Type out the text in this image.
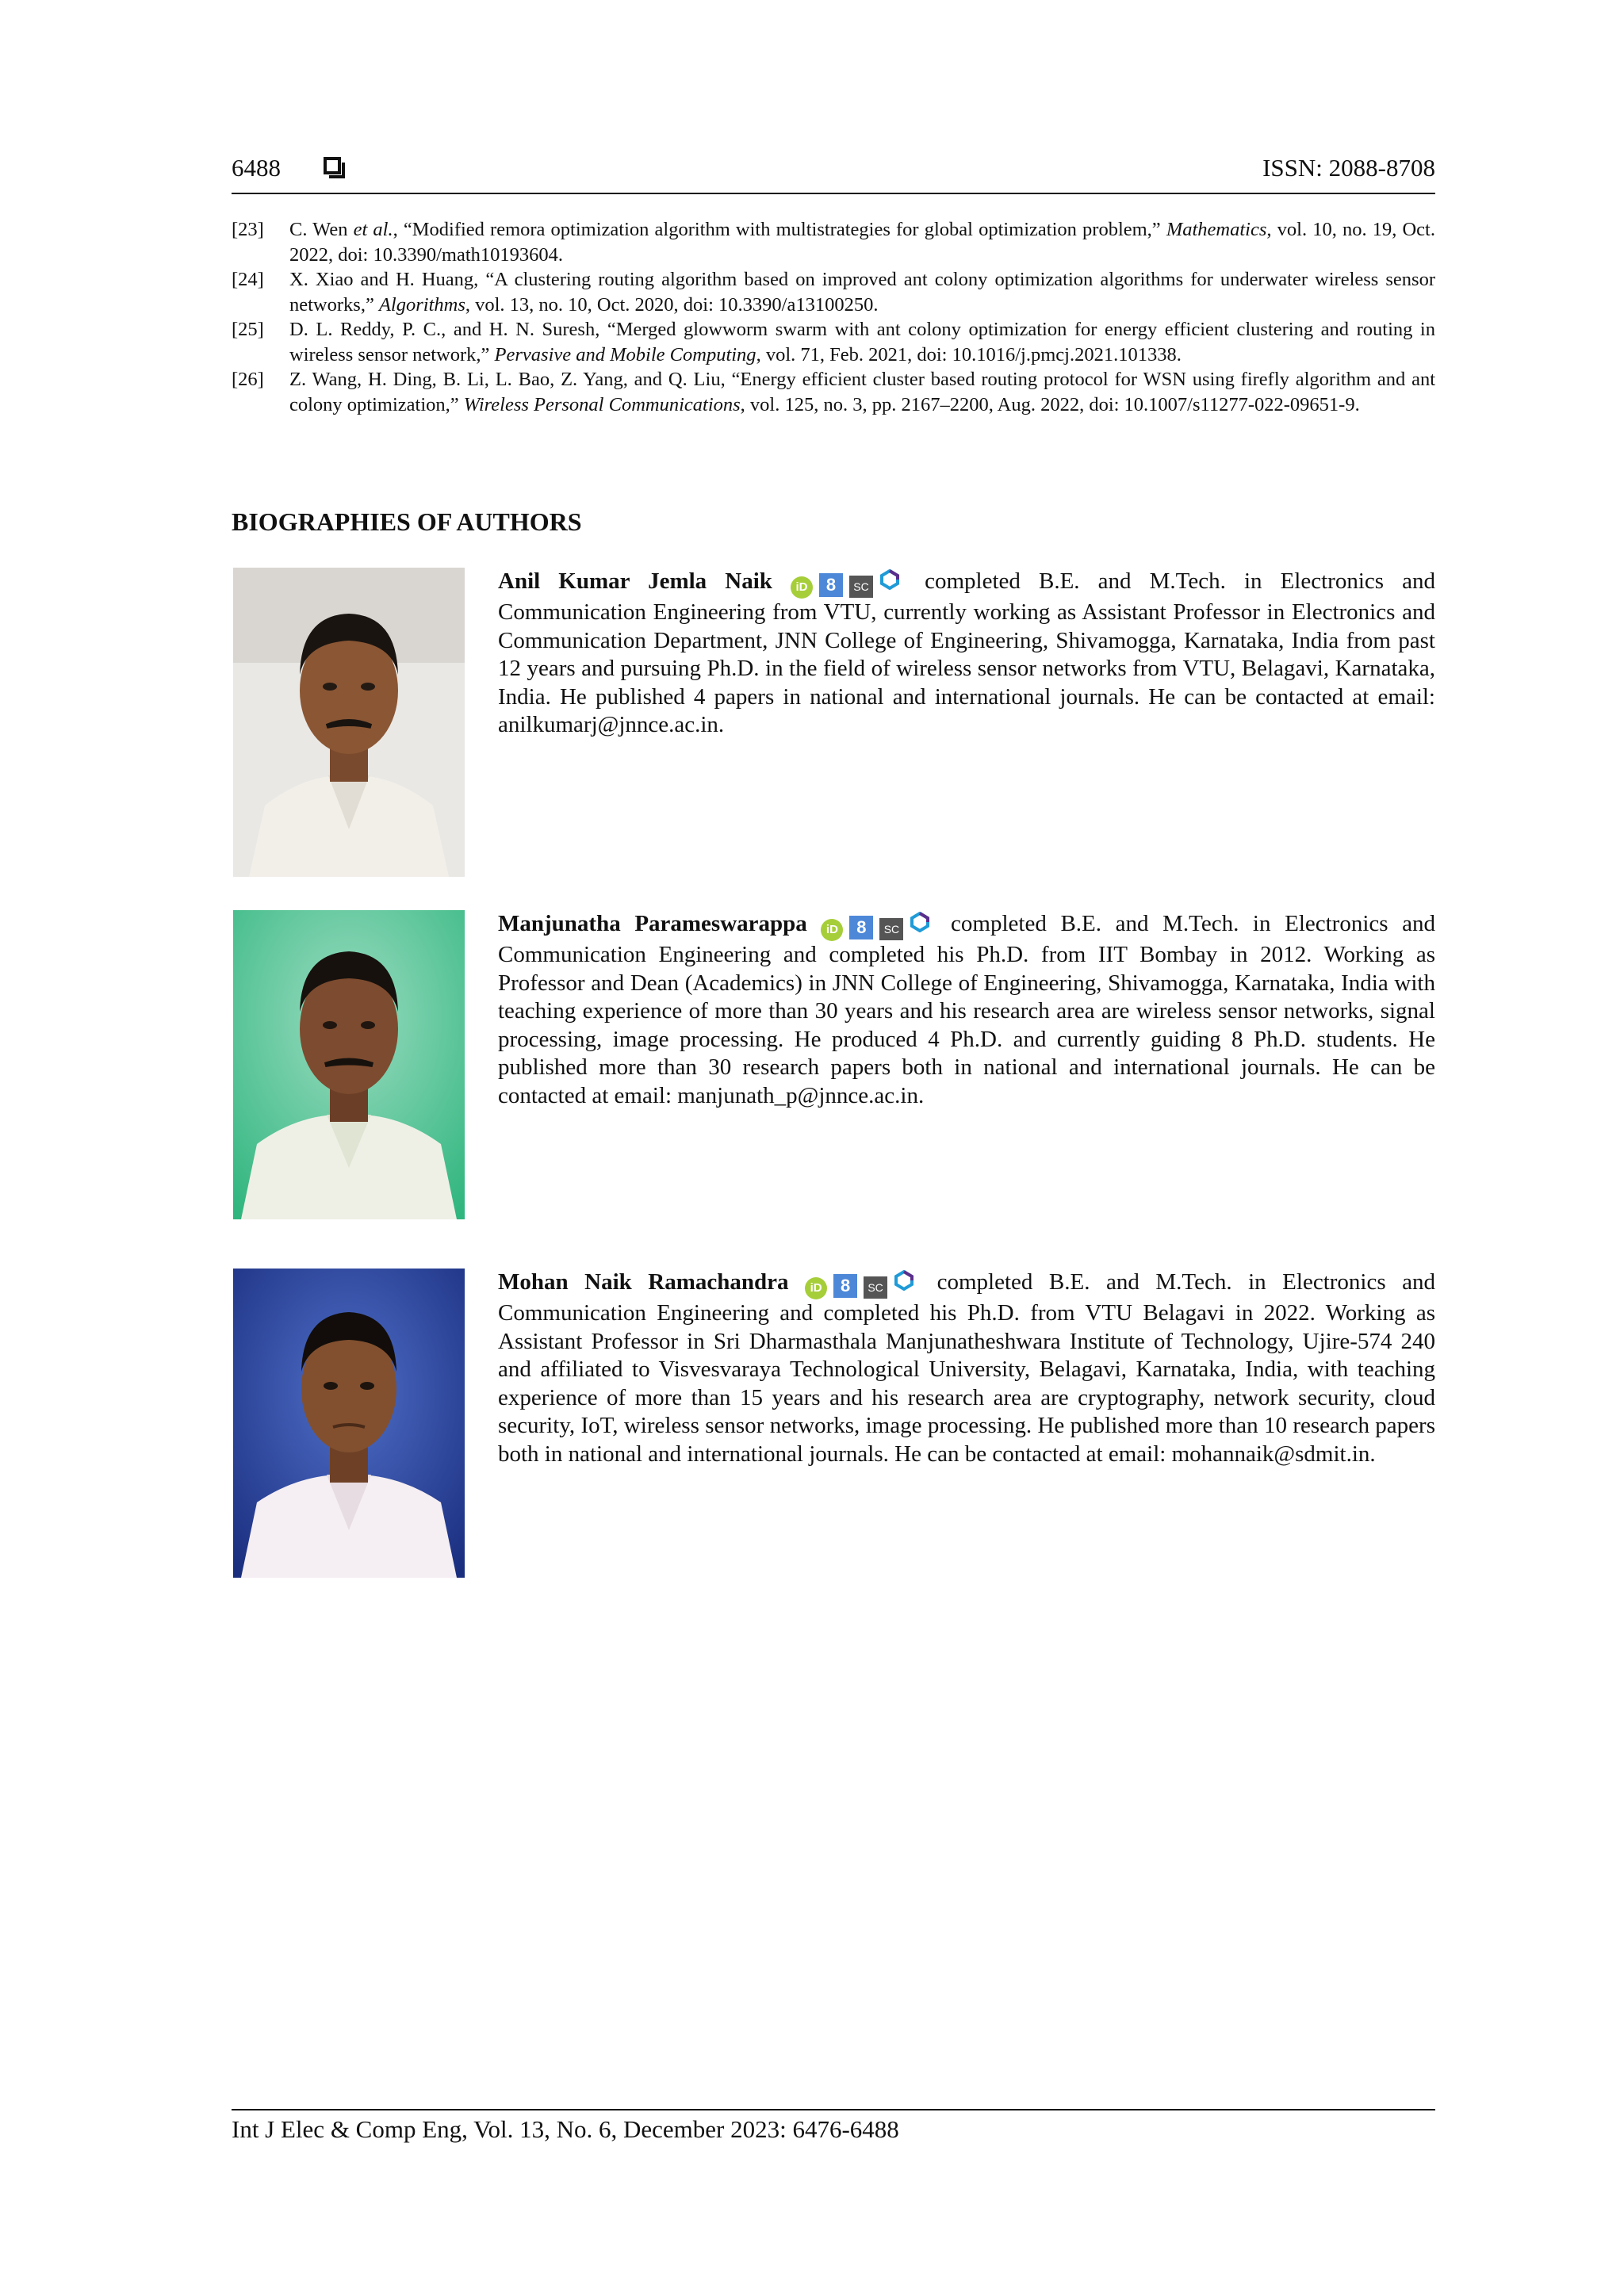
6488	ISSN: 2088-8708
[23] C. Wen et al., “Modified remora optimization algorithm with multistrategies for global optimization problem,” Mathematics, vol. 10, no. 19, Oct. 2022, doi: 10.3390/math10193604.
[24] X. Xiao and H. Huang, “A clustering routing algorithm based on improved ant colony optimization algorithms for underwater wireless sensor networks,” Algorithms, vol. 13, no. 10, Oct. 2020, doi: 10.3390/a13100250.
[25] D. L. Reddy, P. C., and H. N. Suresh, “Merged glowworm swarm with ant colony optimization for energy efficient clustering and routing in wireless sensor network,” Pervasive and Mobile Computing, vol. 71, Feb. 2021, doi: 10.1016/j.pmcj.2021.101338.
[26] Z. Wang, H. Ding, B. Li, L. Bao, Z. Yang, and Q. Liu, “Energy efficient cluster based routing protocol for WSN using firefly algorithm and ant colony optimization,” Wireless Personal Communications, vol. 125, no. 3, pp. 2167–2200, Aug. 2022, doi: 10.1007/s11277-022-09651-9.
BIOGRAPHIES OF AUTHORS
Anil Kumar Jemla Naik iD 8 SC completed B.E. and M.Tech. in Electronics and Communication Engineering from VTU, currently working as Assistant Professor in Electronics and Communication Department, JNN College of Engineering, Shivamogga, Karnataka, India from past 12 years and pursuing Ph.D. in the field of wireless sensor networks from VTU, Belagavi, Karnataka, India. He published 4 papers in national and international journals. He can be contacted at email: anilkumarj@jnnce.ac.in.
Manjunatha Parameswarappa iD 8 SC completed B.E. and M.Tech. in Electronics and Communication Engineering and completed his Ph.D. from IIT Bombay in 2012. Working as Professor and Dean (Academics) in JNN College of Engineering, Shivamogga, Karnataka, India with teaching experience of more than 30 years and his research area are wireless sensor networks, signal processing, image processing. He produced 4 Ph.D. and currently guiding 8 Ph.D. students. He published more than 30 research papers both in national and international journals. He can be contacted at email: manjunath_p@jnnce.ac.in.
Mohan Naik Ramachandra iD 8 SC completed B.E. and M.Tech. in Electronics and Communication Engineering and completed his Ph.D. from VTU Belagavi in 2022. Working as Assistant Professor in Sri Dharmasthala Manjunatheshwara Institute of Technology, Ujire-574 240 and affiliated to Visvesvaraya Technological University, Belagavi, Karnataka, India, with teaching experience of more than 15 years and his research area are cryptography, network security, cloud security, IoT, wireless sensor networks, image processing. He published more than 10 research papers both in national and international journals. He can be contacted at email: mohannaik@sdmit.in.
Int J Elec & Comp Eng, Vol. 13, No. 6, December 2023: 6476-6488
